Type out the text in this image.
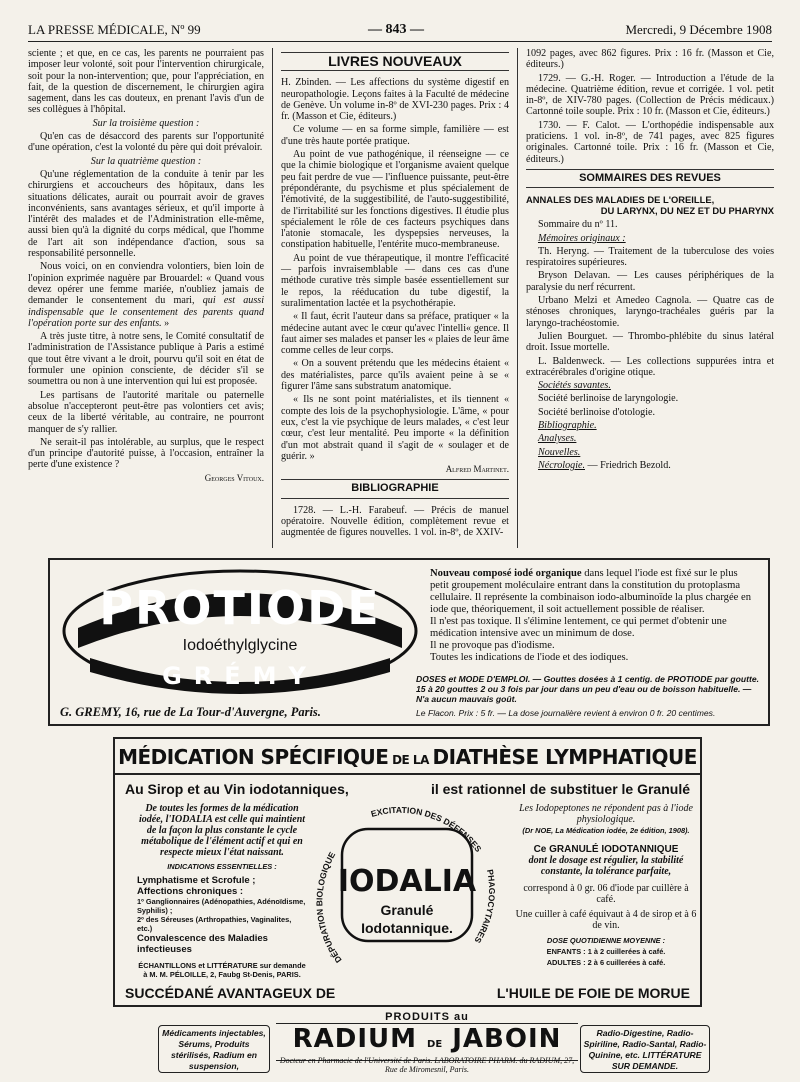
LA PRESSE MÉDICALE, Nº 99	— 843 —	Mercredi, 9 Décembre 1908

sciente ; et que, en ce cas, les parents ne pourraient pas imposer leur volonté, soit pour l'intervention chirurgicale, soit pour la non-intervention; que, pour l'appréciation, en fait, de la question de discernement, le chirurgien agira sagement, dans les cas douteux, en prenant l'avis d'un de ses collègues à l'hôpital.

Sur la troisième question :

Qu'en cas de désaccord des parents sur l'opportunité d'une opération, c'est la volonté du père qui doit prévaloir.

Sur la quatrième question :

Qu'une réglementation de la conduite à tenir par les chirurgiens et accoucheurs des hôpitaux, dans les situations délicates, aurait ou pourrait avoir de graves inconvénients, sans avantages sérieux, et qu'il importe à l'intérêt des malades et de l'Administration elle-même, aussi bien qu'à la dignité du corps médical, que l'homme de l'art ait son indépendance d'action, sous sa responsabilité personnelle.

Nous voici, on en conviendra volontiers, bien loin de l'opinion exprimée naguère par Brouardel: « Quand vous devez opérer une femme mariée, n'oubliez jamais de demander le consentement du mari, qui est aussi indispensable que le consentement des parents quand l'opération porte sur des enfants. »

A très juste titre, à notre sens, le Comité consultatif de l'administration de l'Assistance publique à Paris a estimé que tout être vivant a le droit, pourvu qu'il soit en état de formuler une opinion consciente, de décider s'il se soumettra ou non à une intervention qui lui est proposée.

Les partisans de l'autorité maritale ou paternelle absolue n'accepteront peut-être pas volontiers cet avis; ceux de la liberté véritable, au contraire, ne pourront manquer de s'y rallier.

Ne serait-il pas intolérable, au surplus, que le respect d'un principe d'autorité puisse, à l'occasion, entraîner la perte d'une existence ?

Georges Vitoux.

LIVRES NOUVEAUX

H. Zbinden. — Les affections du système digestif en neuropathologie. Leçons faites à la Faculté de médecine de Genève. Un volume in-8º de XVI-230 pages. Prix : 4 fr. (Masson et Cie, éditeurs.)

Ce volume — en sa forme simple, familière — est d'une très haute portée pratique.

Au point de vue pathogénique, il réenseigne — ce que la chimie biologique et l'organisme avaient quelque peu fait perdre de vue — l'influence puissante, peut-être prépondérante, du psychisme et plus spécialement de l'émotivité, de la suggestibilité, de l'auto-suggestibilité, de l'irritabilité sur les fonctions digestives. Il étudie plus spécialement le rôle de ces facteurs psychiques dans l'atonie stomacale, les dyspepsies nerveuses, la constipation habituelle, l'entérite muco-membraneuse.

Au point de vue thérapeutique, il montre l'efficacité — parfois invraisemblable — dans ces cas d'une méthode curative très simple basée essentiellement sur le repos, la rééducation du tube digestif, la suralimentation lactée et la psychothérapie.

« Il faut, écrit l'auteur dans sa préface, pratiquer « la médecine autant avec le cœur qu'avec l'intelli« gence. Il faut aimer ses malades et panser les « plaies de leur âme comme celles de leur corps.

« On a souvent prétendu que les médecins étaient « des matérialistes, parce qu'ils avaient peine à se « figurer l'âme sans substratum anatomique.

« Ils ne sont point matérialistes, et ils tiennent « compte des lois de la psychophysiologie. L'âme, « pour eux, c'est la vie psychique de leurs malades, « c'est leur cœur, c'est leur mentalité. Peu importe « la définition d'un mot abstrait quand il s'agit de « soulager et de guérir. »

Alfred Martinet.

BIBLIOGRAPHIE

1728. — L.-H. Farabeuf. — Précis de manuel opératoire. Nouvelle édition, complètement revue et augmentée de figures nouvelles. 1 vol. in-8º, de XXIV-

1092 pages, avec 862 figures. Prix : 16 fr. (Masson et Cie, éditeurs.)

1729. — G.-H. Roger. — Introduction a l'étude de la médecine. Quatrième édition, revue et corrigée. 1 vol. petit in-8º, de XIV-780 pages. (Collection de Précis médicaux.) Cartonné toile souple. Prix : 10 fr. (Masson et Cie, éditeurs.)

1730. — F. Calot. — L'orthopédie indispensable aux praticiens. 1 vol. in-8º, de 741 pages, avec 825 figures originales. Cartonné toile. Prix : 16 fr. (Masson et Cie, éditeurs.)

SOMMAIRES DES REVUES
ANNALES DES MALADIES DE L'OREILLE,
DU LARYNX, DU NEZ ET DU PHARYNX

Sommaire du nº 11.

Mémoires originaux :

Th. Heryng. — Traitement de la tuberculose des voies respiratoires supérieures.

Bryson Delavan. — Les causes périphériques de la paralysie du nerf récurrent.

Urbano Melzi et Amedeo Cagnola. — Quatre cas de sténoses chroniques, laryngo-trachéales guéris par la laryngo-trachéostomie.

Julien Bourguet. — Thrombo-phlébite du sinus latéral droit. Issue mortelle.

L. Baldenweck. — Les collections suppurées intra et extracérébrales d'origine otique.

Sociétés savantes.

Société berlinoise de laryngologie.

Société berlinoise d'otologie.

Bibliographie.

Analyses.

Nouvelles.

Nécrologie. — Friedrich Bezold.

PROTIODE
Iodoéthylglycine
GRÉMY
Nouveau composé iodé organique dans lequel l'iode est fixé sur le plus petit groupement moléculaire entrant dans la constitution du protoplasma cellulaire. Il représente la combinaison iodo-albuminoïde la plus chargée en iode que, théoriquement, il soit actuellement possible de réaliser.
Il n'est pas toxique. Il s'élimine lentement, ce qui permet d'obtenir une médication intensive avec un minimum de dose.
Il ne provoque pas d'iodisme.
Toutes les indications de l'iode et des iodiques.
DOSES et MODE D'EMPLOI. — Gouttes dosées à 1 centig. de PROTIODE par goutte. 15 à 20 gouttes 2 ou 3 fois par jour dans un peu d'eau ou de boisson habituelle. — N'a aucun mauvais goût.
G. GREMY, 16, rue de La Tour-d'Auvergne, Paris.	Le Flacon. Prix : 5 fr. — La dose journalière revient à environ 0 fr. 20 centimes.
MÉDICATION SPÉCIFIQUE DE LA DIATHÈSE LYMPHATIQUE
Au Sirop et au Vin iodotanniques,	il est rationnel de substituer le Granulé
De toutes les formes de la médication iodée, l'IODALIA est celle qui maintient de la façon la plus constante le cycle métabolique de l'élément actif et qui en respecte mieux l'état naissant.
INDICATIONS ESSENTIELLES :
Lymphatisme et Scrofule ;
Affections chroniques :
1º Ganglionnaires (Adénopathies, Adénoïdisme, Syphilis) ;
2º des Séreuses (Arthropathies, Vaginalites, etc.)
Convalescence des Maladies infectieuses
ÉCHANTILLONS et LITTÉRATURE sur demande à M. M. PÉLOILLE, 2, Faubg St-Denis, PARIS.
DÉPURATION BIOLOGIQUE
EXCITATION DES DÉFENSES
PHAGOCYTAIRES
IODALIA
Granulé
Iodotannique.
Les Iodopeptones ne répondent pas à l'iode physiologique.
(Dr NOE, La Médication iodée, 2e édition, 1908).
Ce GRANULÉ IODOTANNIQUE
dont le dosage est régulier, la stabilité constante, la tolérance parfaite,
correspond à 0 gr. 06 d'iode par cuillère à café.
Une cuiller à café équivaut à 4 de sirop et à 6 de vin.
DOSE QUOTIDIENNE MOYENNE :
ENFANTS : 1 à 2 cuillerées à café.
ADULTES : 2 à 6 cuillerées à café.
SUCCÉDANÉ AVANTAGEUX DE	L'HUILE DE FOIE DE MORUE
Médicaments injectables, Sérums, Produits stérilisés, Radium en suspension,
PRODUITS au
RADIUM DE JABOIN
Docteur en Pharmacie de l'Université de Paris. LABORATOIRE PHARM. du RADIUM, 27, Rue de Miromesnil, Paris.
Radio-Digestine, Radio-Spiriline, Radio-Santal, Radio-Quinine, etc. LITTÉRATURE SUR DEMANDE.
